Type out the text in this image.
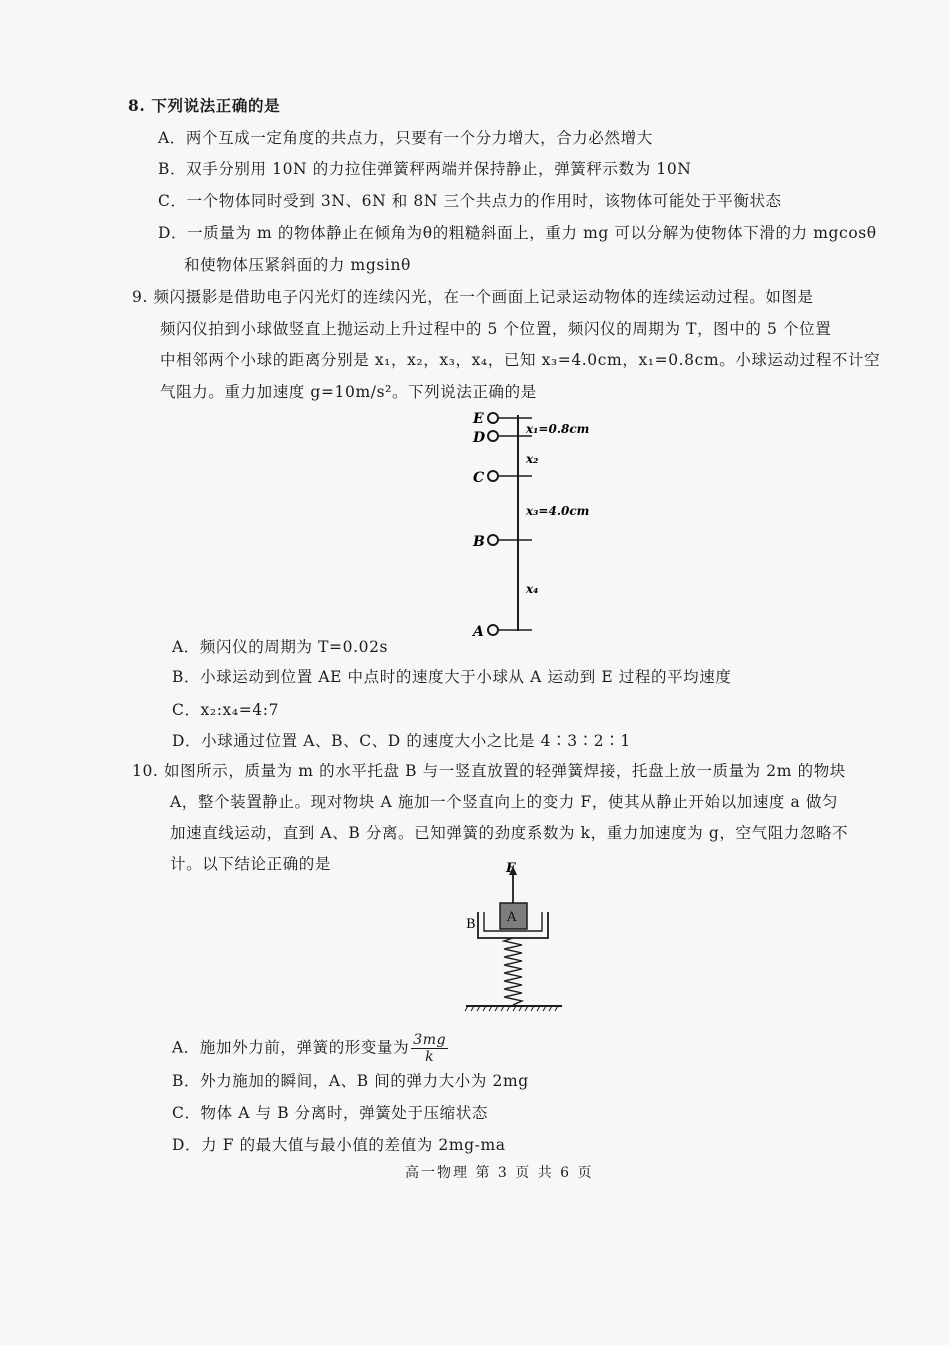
8. 下列说法正确的是
A．两个互成一定角度的共点力，只要有一个分力增大，合力必然增大
B．双手分别用 10N 的力拉住弹簧秤两端并保持静止，弹簧秤示数为 10N
C．一个物体同时受到 3N、6N 和 8N 三个共点力的作用时，该物体可能处于平衡状态
D．一质量为 m 的物体静止在倾角为θ的粗糙斜面上，重力 mg 可以分解为使物体下滑的力 mgcosθ
和使物体压紧斜面的力 mgsinθ
9. 频闪摄影是借助电子闪光灯的连续闪光，在一个画面上记录运动物体的连续运动过程。如图是
频闪仪拍到小球做竖直上抛运动上升过程中的 5 个位置，频闪仪的周期为 T，图中的 5 个位置
中相邻两个小球的距离分别是 x₁，x₂，x₃，x₄，已知 x₃=4.0cm，x₁=0.8cm。小球运动过程不计空
气阻力。重力加速度 g=10m/s²。下列说法正确的是
E
D
C
B
A
x₁=0.8cm
x₂
x₃=4.0cm
x₄
A．频闪仪的周期为 T=0.02s
B．小球运动到位置 AE 中点时的速度大于小球从 A 运动到 E 过程的平均速度
C．x₂:x₄=4:7
D．小球通过位置 A、B、C、D 的速度大小之比是 4∶3∶2∶1
10. 如图所示，质量为 m 的水平托盘 B 与一竖直放置的轻弹簧焊接，托盘上放一质量为 2m 的物块
A，整个装置静止。现对物块 A 施加一个竖直向上的变力 F，使其从静止开始以加速度 a 做匀
加速直线运动，直到 A、B 分离。已知弹簧的劲度系数为 k，重力加速度为 g，空气阻力忽略不
计。以下结论正确的是	F
A
B
A．施加外力前，弹簧的形变量为 $\frac{3mg}{k}$
B．外力施加的瞬间，A、B 间的弹力大小为 2mg
C．物体 A 与 B 分离时，弹簧处于压缩状态
D．力 F 的最大值与最小值的差值为 2mg-ma
高一物理 第 3 页 共 6 页
